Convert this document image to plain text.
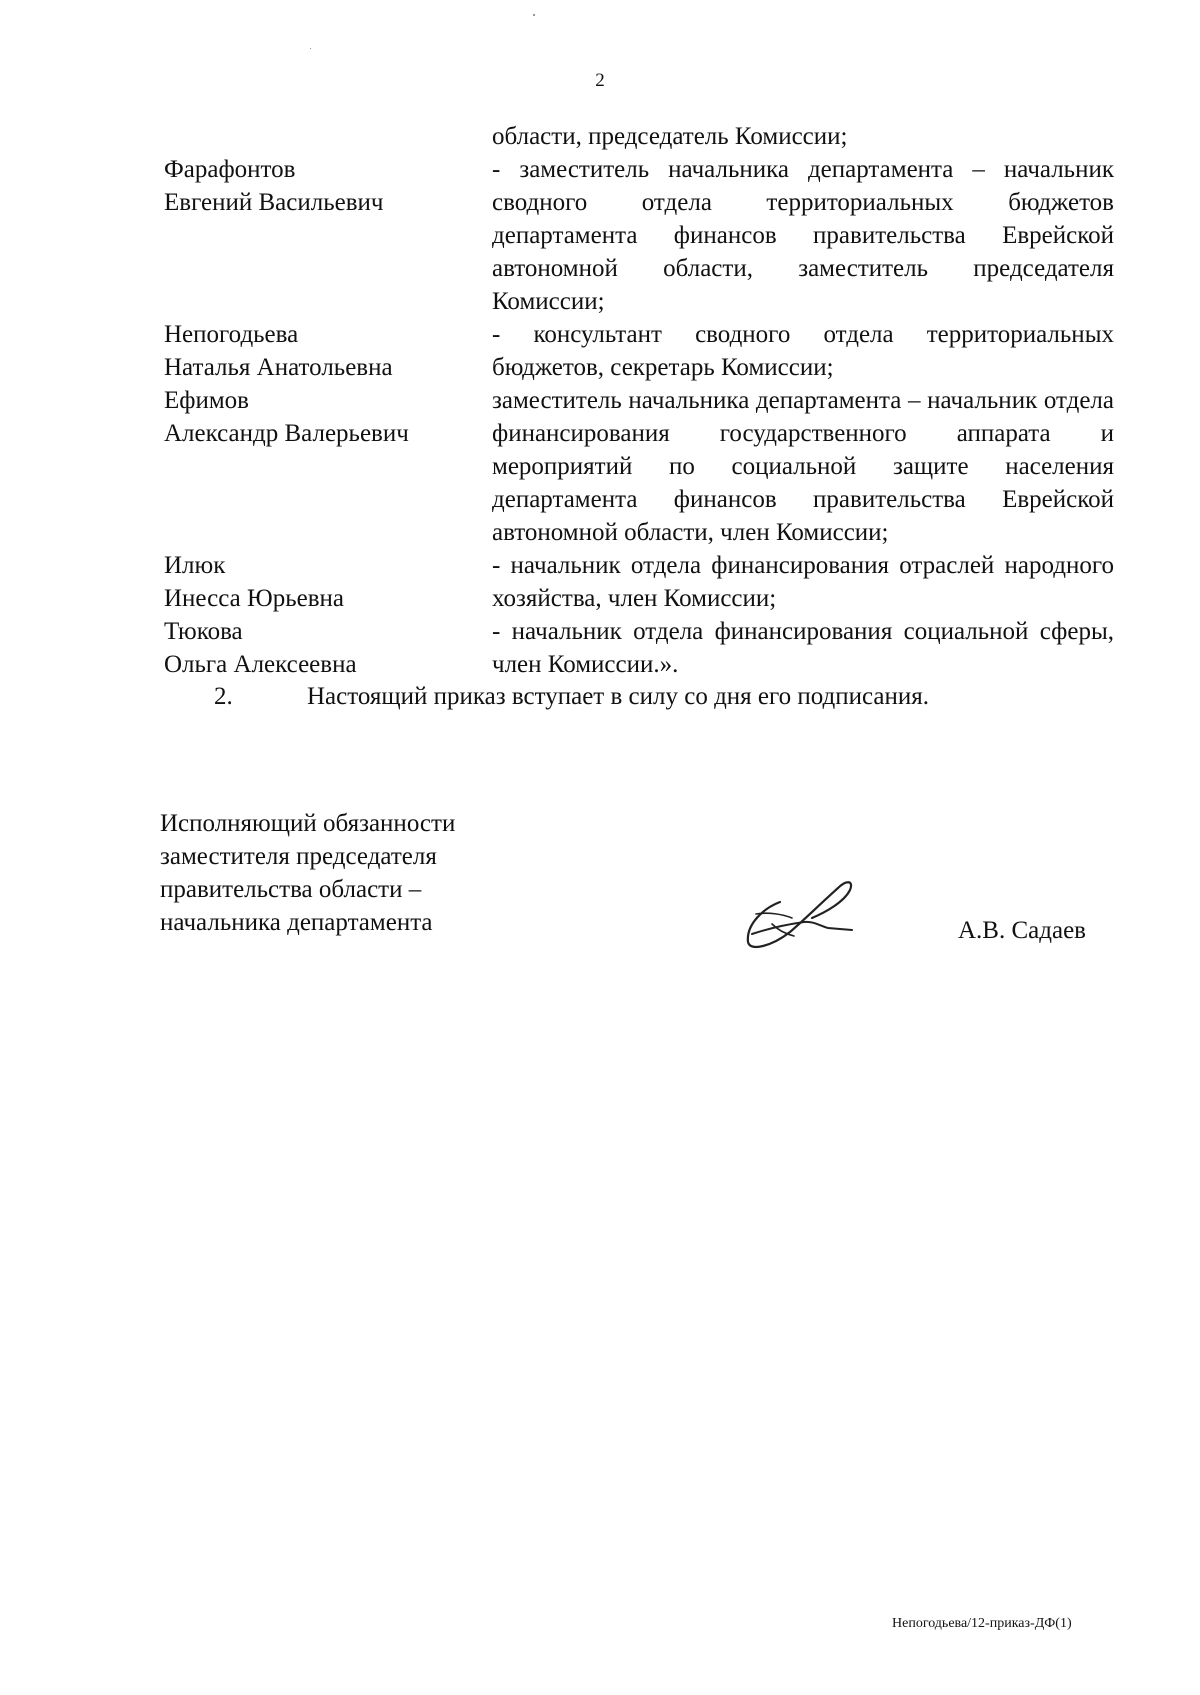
2
области, председатель Комиссии;
Фарафонтов
Евгений Васильевич
- заместитель начальника департамента – начальник сводного отдела территориальных бюджетов департамента финансов правительства Еврейской автономной области, заместитель председателя Комиссии;
Непогодьева
Наталья Анатольевна
- консультант сводного отдела территориальных бюджетов, секретарь Комиссии;
Ефимов
Александр Валерьевич
заместитель начальника департамента – начальник отдела финансирования государственного аппарата и мероприятий по социальной защите населения департамента финансов правительства Еврейской автономной области, член Комиссии;
Илюк
Инесса Юрьевна
- начальник отдела финансирования отраслей народного хозяйства, член Комиссии;
Тюкова
Ольга Алексеевна
- начальник отдела финансирования социальной сферы, член Комиссии.».
2.	Настоящий приказ вступает в силу со дня его подписания.
Исполняющий обязанности
заместителя председателя
правительства области –
начальника департамента	А.В. Садаев
Непогодьева/12-приказ-ДФ(1)
